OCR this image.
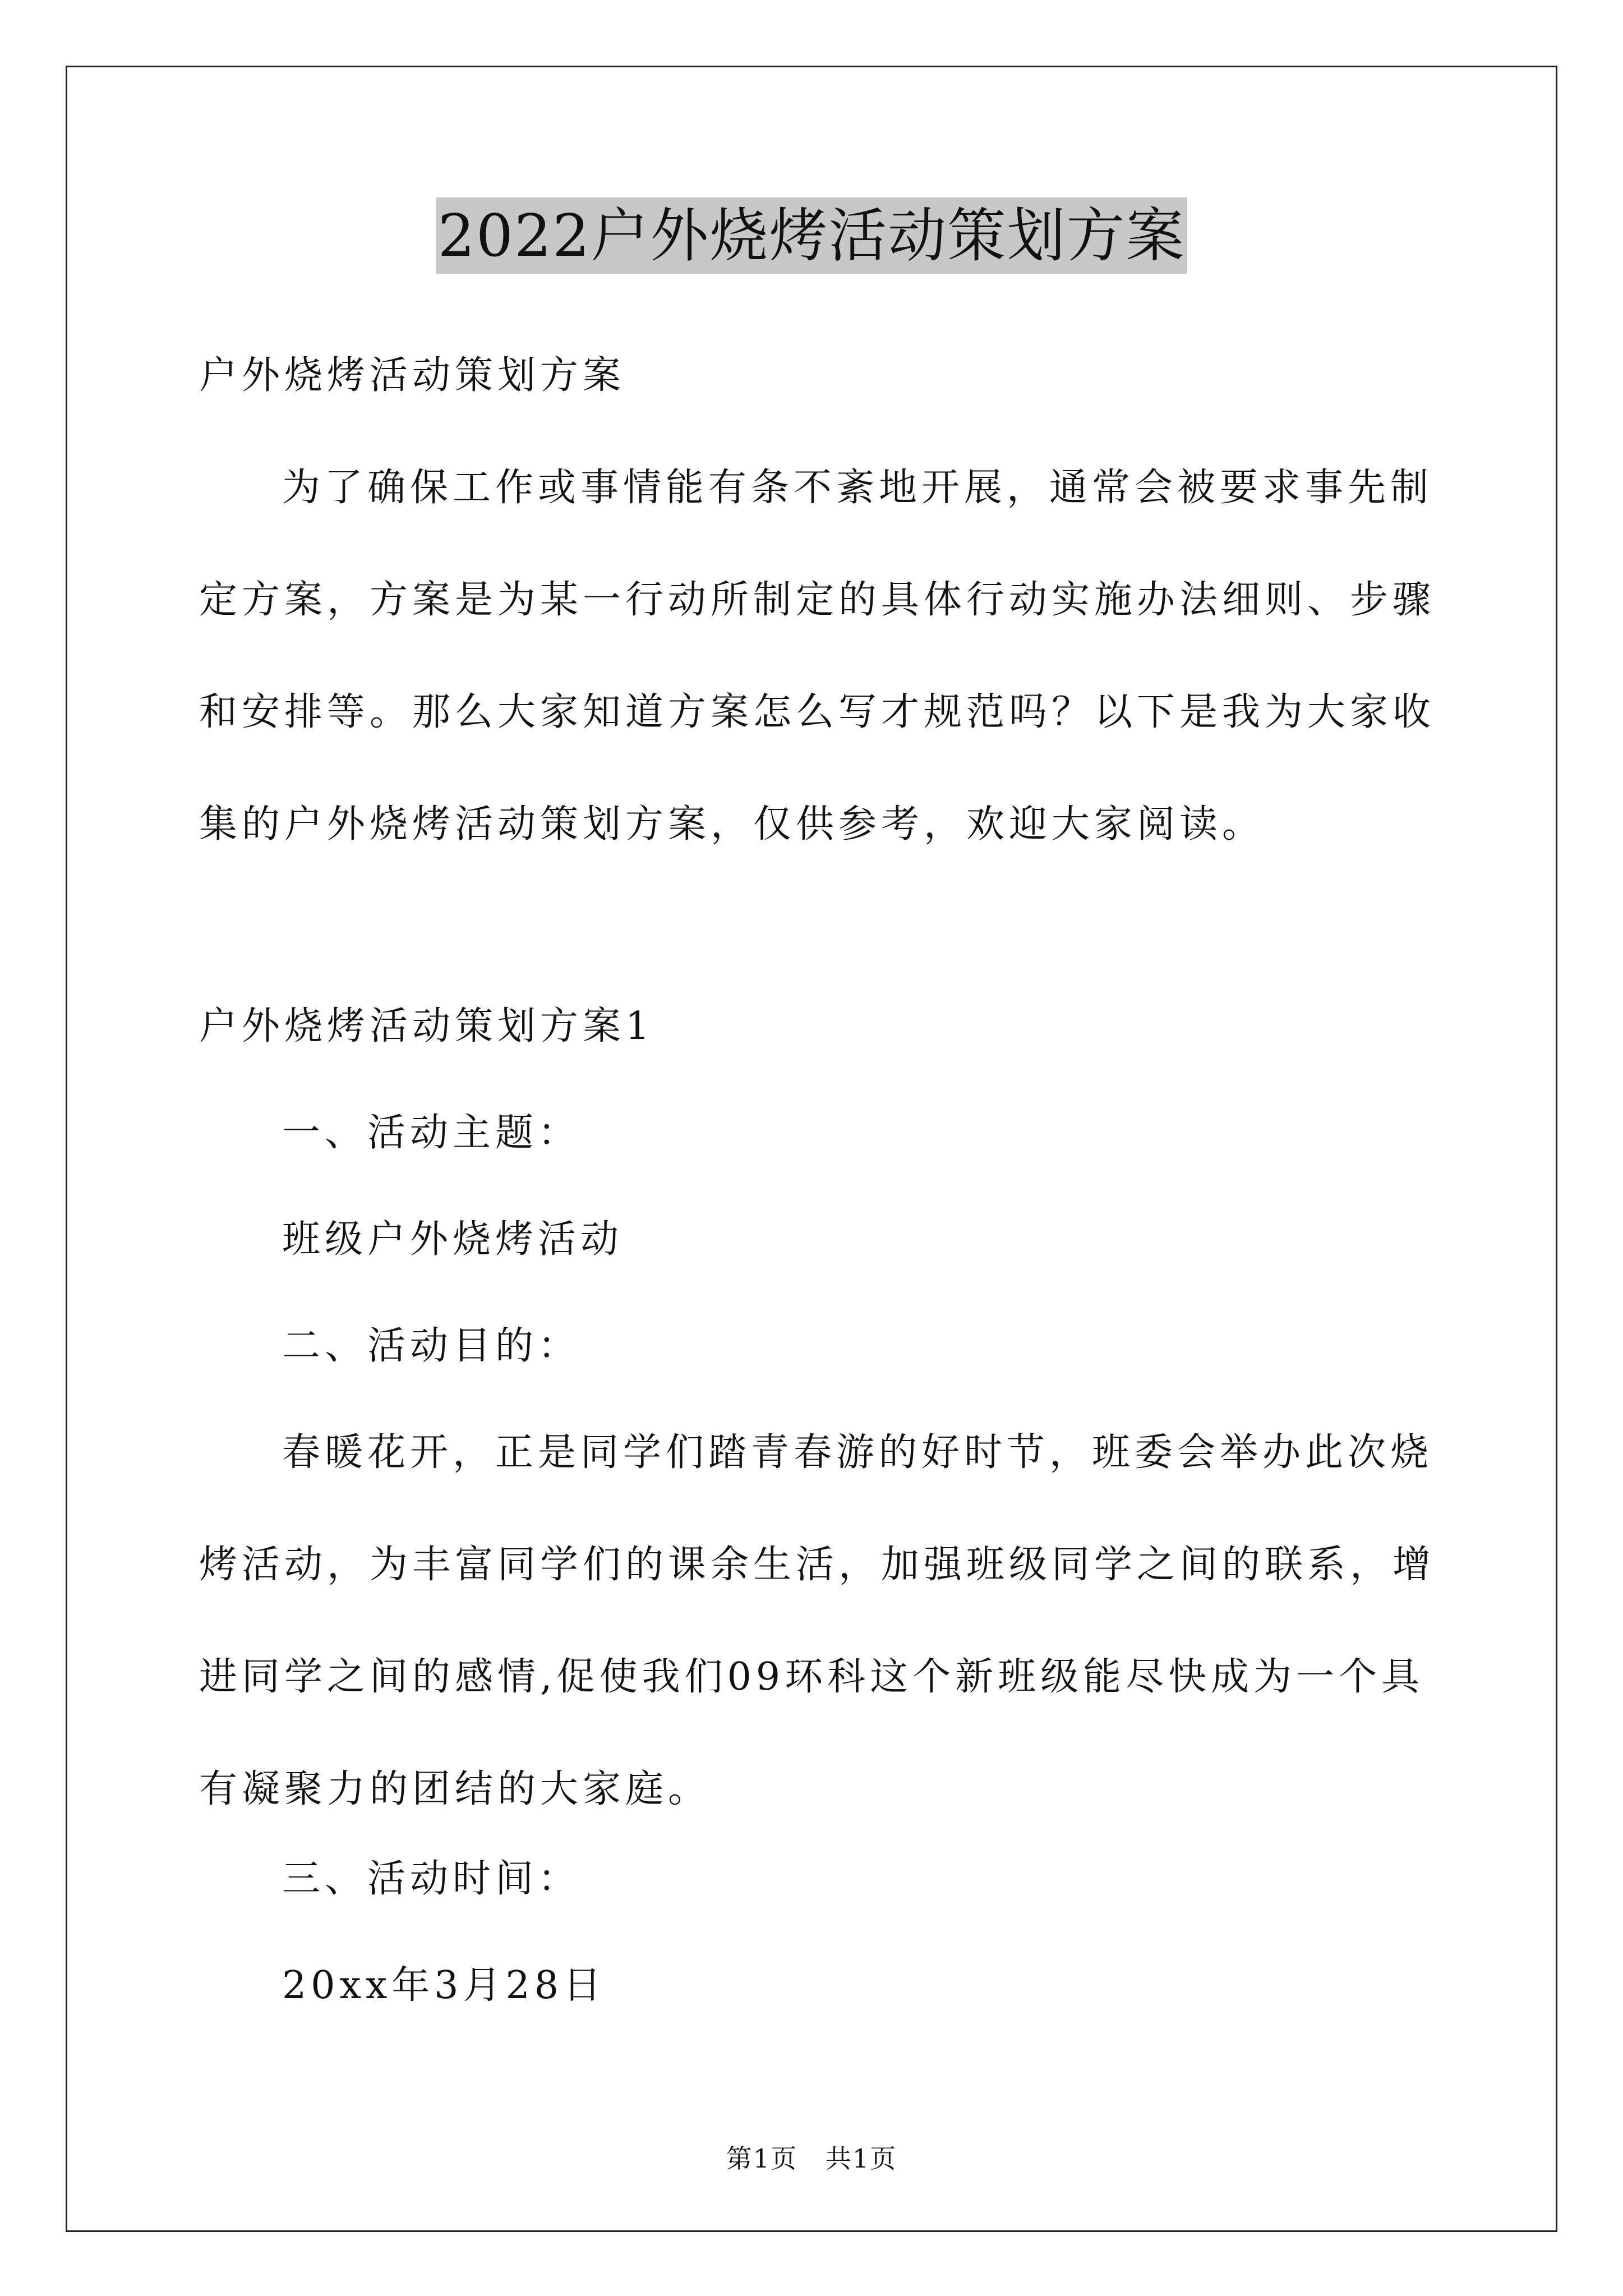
2022户外烧烤活动策划方案

户外烧烤活动策划方案

为了确保工作或事情能有条不紊地开展，通常会被要求事先制定方案，方案是为某一行动所制定的具体行动实施办法细则、步骤和安排等。那么大家知道方案怎么写才规范吗？以下是我为大家收集的户外烧烤活动策划方案，仅供参考，欢迎大家阅读。

户外烧烤活动策划方案1

一、活动主题：

班级户外烧烤活动

二、活动目的：

春暖花开，正是同学们踏青春游的好时节，班委会举办此次烧烤活动，为丰富同学们的课余生活，加强班级同学之间的联系，增进同学之间的感情,促使我们09环科这个新班级能尽快成为一个具有凝聚力的团结的大家庭。

三、活动时间：

20xx年3月28日

第1页   共1页
